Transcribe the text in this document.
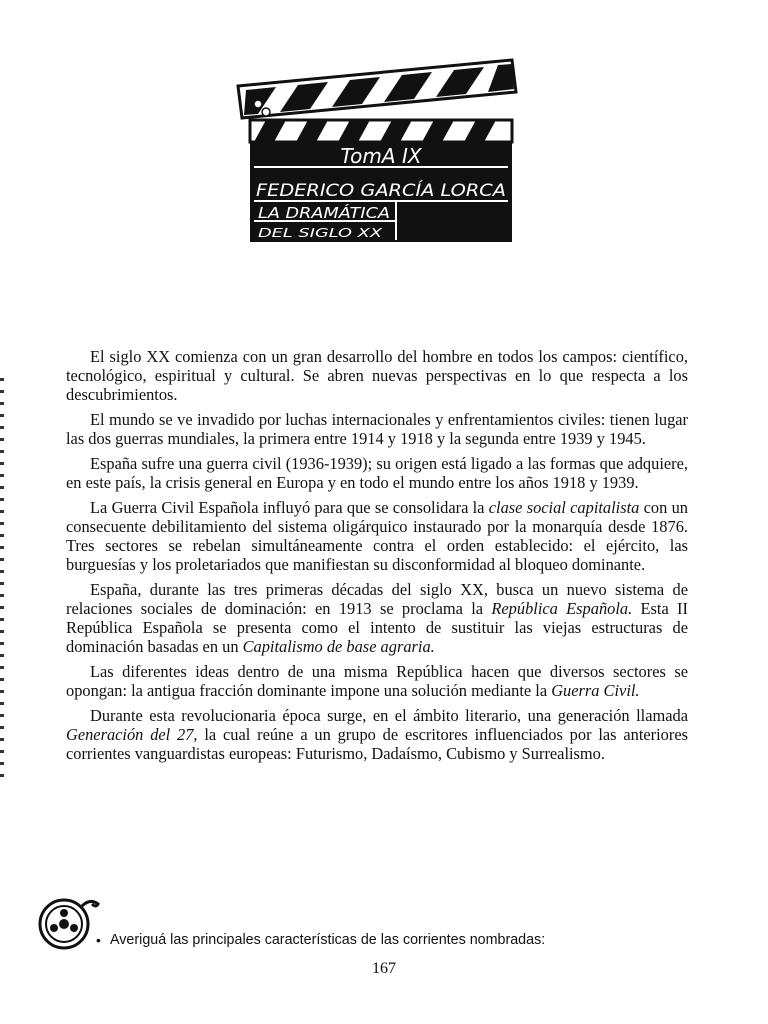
TomA IX
FEDERICO GARCÍA LORCA
LA DRAMÁTICA
DEL SIGLO XX

El siglo XX comienza con un gran desarrollo del hombre en todos los campos: científico, tecnológico, espiritual y cultural. Se abren nuevas perspectivas en lo que respecta a los descubrimientos.

El mundo se ve invadido por luchas internacionales y enfrentamientos civiles: tienen lugar las dos guerras mundiales, la primera entre 1914 y 1918 y la segunda entre 1939 y 1945.

España sufre una guerra civil (1936-1939); su origen está ligado a las formas que adquiere, en este país, la crisis general en Europa y en todo el mundo entre los años 1918 y 1939.

La Guerra Civil Española influyó para que se consolidara la clase social capitalista con un consecuente debilitamiento del sistema oligárquico instaurado por la monarquía desde 1876. Tres sectores se rebelan simultáneamente contra el orden establecido: el ejército, las burguesías y los proletariados que manifiestan su disconformidad al bloqueo dominante.

España, durante las tres primeras décadas del siglo XX, busca un nuevo sistema de relaciones sociales de dominación: en 1913 se proclama la República Española. Esta II República Española se presenta como el intento de sustituir las viejas estructuras de dominación basadas en un Capitalismo de base agraria.

Las diferentes ideas dentro de una misma República hacen que diversos sectores se opongan: la antigua fracción dominante impone una solución mediante la Guerra Civil.

Durante esta revolucionaria época surge, en el ámbito literario, una generación llamada Generación del 27, la cual reúne a un grupo de escritores influenciados por las anteriores corrientes vanguardistas europeas: Futurismo, Dadaísmo, Cubismo y Surrealismo.

• Averiguá las principales características de las corrientes nombradas:
167
